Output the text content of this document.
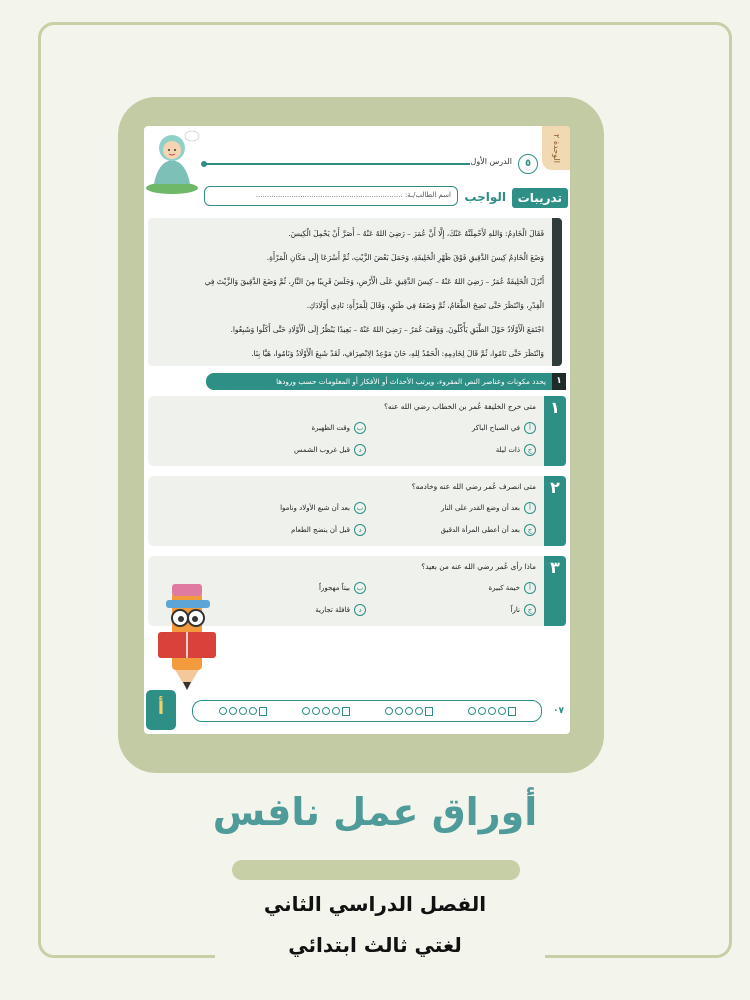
الوحدة ٢
٥
الدرس الأول
تدريبات
الواجب
اسم الطالب/ـة: ..................................................................

فَقَالَ الْخَادِمُ: وَاللهِ لَأَحْمِلَنَّهُ عَنْكَ، إِلَّا أَنَّ عُمَرَ – رَضِيَ اللهُ عَنْهُ – أَصَرَّ أَنْ يَحْمِلَ الْكِيسَ.

وَضَعَ الْخَادِمُ كِيسَ الدَّقِيقِ فَوْقَ ظَهْرِ الْخَلِيفَةِ، وَحَمَلَ بَعْضَ الزَّيْتِ، ثُمَّ أَسْرَعَا إِلَى مَكَانِ الْمَرْأَةِ.

أَنْزَلَ الْخَلِيفَةُ عُمَرُ – رَضِيَ اللهُ عَنْهُ – كِيسَ الدَّقِيقِ عَلَى الْأَرْضِ، وَجَلَسَ قَرِيبًا مِنَ النَّارِ، ثُمَّ وَضَعَ الدَّقِيقَ وَالزَّيْتَ فِي

الْقِدْرِ، وَانْتَظَرَ حَتَّى نَضِجَ الطَّعَامُ، ثُمَّ وَضَعَهُ فِي طَبَقٍ، وَقَالَ لِلْمَرْأَةِ: نَادِي أَوْلَادَكِ.

اجْتَمَعَ الْأَوْلَادُ حَوْلَ الطَّبَقِ يَأْكُلُونَ. وَوَقَفَ عُمَرُ – رَضِيَ اللهُ عَنْهُ – بَعِيدًا يَنْظُرُ إِلَى الْأَوْلَادِ حَتَّى أَكَلُوا وَشَبِعُوا.

وَانْتَظَرَ حَتَّى نَامُوا، ثُمَّ قَالَ لِخَادِمِهِ: الْحَمْدُ لِلهِ، حَانَ مَوْعِدُ الِانْصِرَافِ، لَقَدْ شَبِعَ الْأَوْلَادُ وَنَامُوا، هَيَّا بِنَا.

١
يحدد مكونات وعناصر النص المقروء، ويرتب الأحداث أو الأفكار أو المعلومات حسب ورودها
١
متى خرج الخليفة عُمر بن الخطاب رضي الله عنه؟
أ
في الصباح الباكر
ب
وقت الظهيرة
ج
ذات ليلة
د
قبل غروب الشمس
٢
متى انصرف عُمر رضي الله عنه وخادمه؟
أ
بعد أن وضع القدر على النار
ب
بعد أن شبع الأولاد وناموا
ج
بعد أن أعطى المرأة الدقيق
د
قبل أن ينضج الطعام
٣
ماذا رأى عُمر رضي الله عنه من بعيد؟
أ
خيمة كبيرة
ب
بيتاً مهجوراً
ج
ناراً
د
قافلة تجارية
٠٧
أ
أوراق عمل نافس
الفصل الدراسي الثاني
لغتي ثالث ابتدائي
